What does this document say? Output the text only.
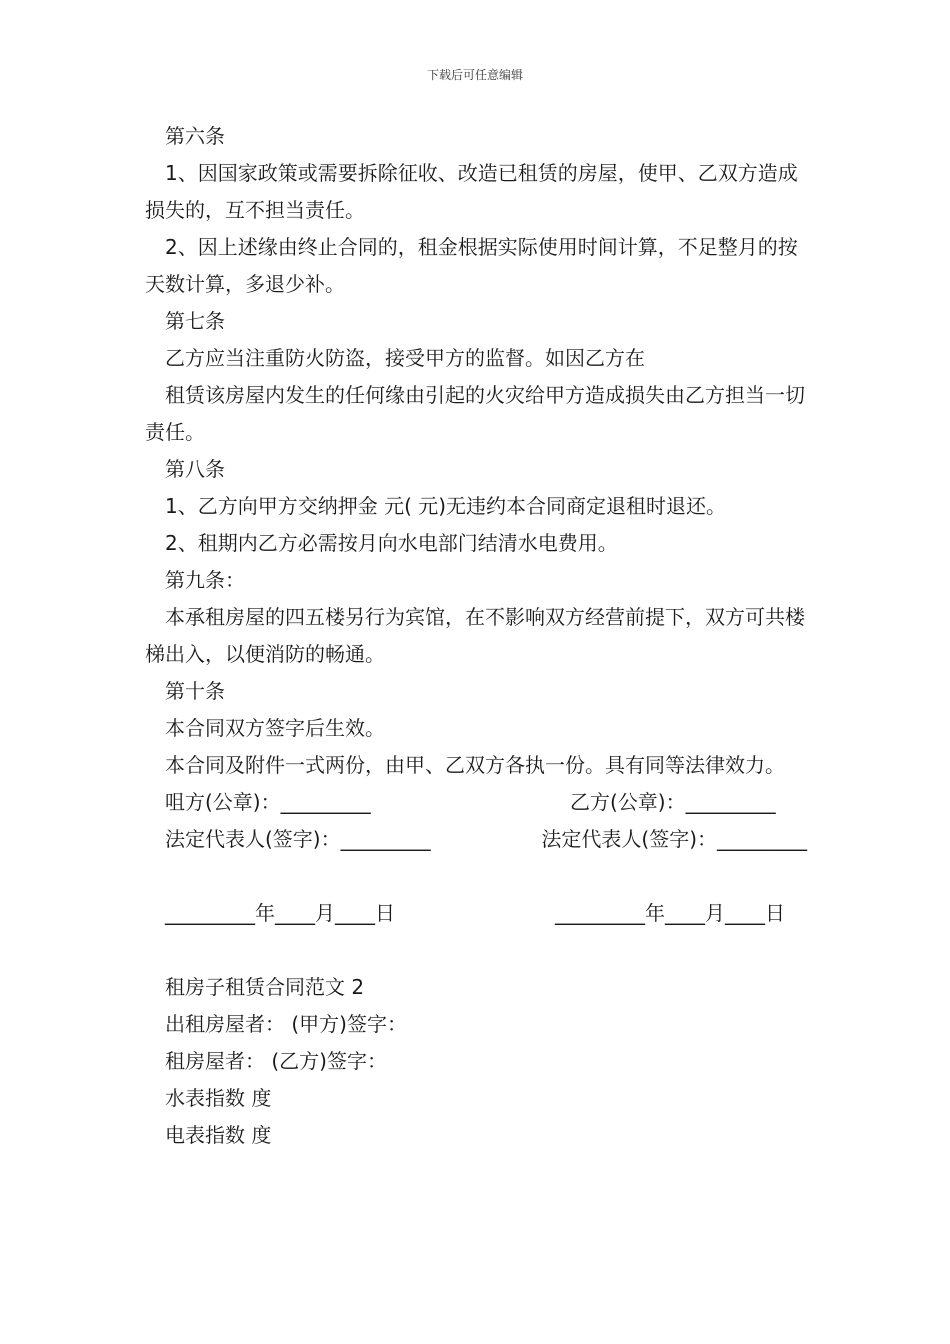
下载后可任意编辑

第六条

1、因国家政策或需要拆除征收、改造已租赁的房屋，使甲、乙双方造成损失的，互不担当责任。

2、因上述缘由终止合同的，租金根据实际使用时间计算，不足整月的按天数计算，多退少补。

第七条

乙方应当注重防火防盗，接受甲方的监督。如因乙方在

租赁该房屋内发生的任何缘由引起的火灾给甲方造成损失由乙方担当一切责任。

第八条

1、乙方向甲方交纳押金 元( 元)无违约本合同商定退租时退还。

2、租期内乙方必需按月向水电部门结清水电费用。

第九条：

本承租房屋的四五楼另行为宾馆，在不影响双方经营前提下，双方可共楼梯出入，以便消防的畅通。

第十条

本合同双方签字后生效。

本合同及附件一式两份，由甲、乙双方各执一份。具有同等法律效力。

咀方(公章)：_________	乙方(公章)：_________
法定代表人(签字)：_________	法定代表人(签字)：_________
_________年____月____日	_________年____月____日

租房子租赁合同范文 2

出租房屋者： (甲方)签字：

租房屋者： (乙方)签字：

水表指数 度

电表指数 度
